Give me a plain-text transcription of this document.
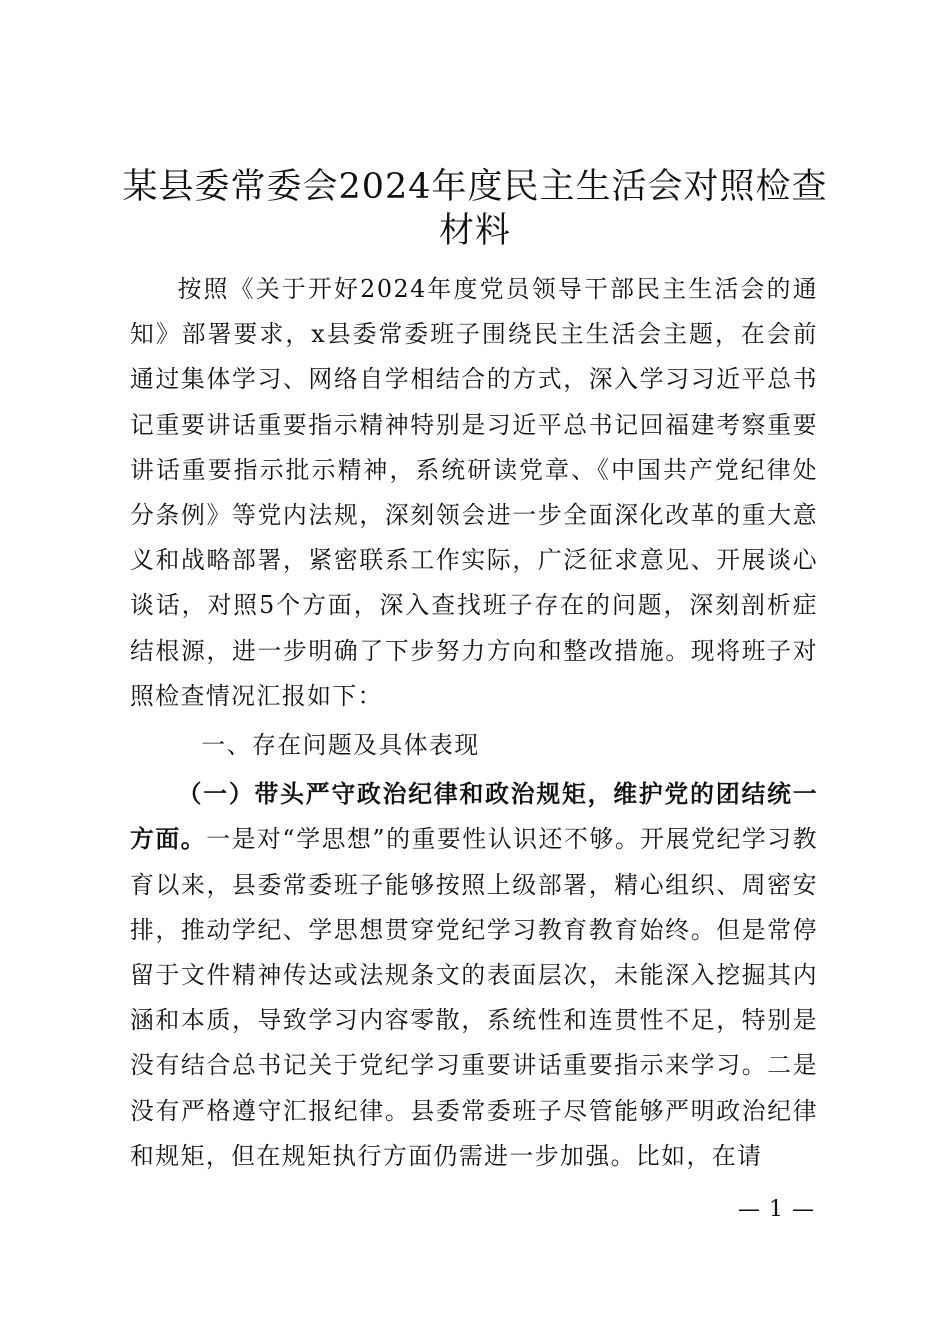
某县委常委会2024年度民主生活会对照检查
材料

按照《关于开好2024年度党员领导干部民主生活会的通知》部署要求，x县委常委班子围绕民主生活会主题，在会前通过集体学习、网络自学相结合的方式，深入学习习近平总书记重要讲话重要指示精神特别是习近平总书记回福建考察重要讲话重要指示批示精神，系统研读党章、《中国共产党纪律处分条例》等党内法规，深刻领会进一步全面深化改革的重大意义和战略部署，紧密联系工作实际，广泛征求意见、开展谈心谈话，对照5个方面，深入查找班子存在的问题，深刻剖析症结根源，进一步明确了下步努力方向和整改措施。现将班子对照检查情况汇报如下：

一、存在问题及具体表现

（一）带头严守政治纪律和政治规矩，维护党的团结统一方面。一是对“学思想”的重要性认识还不够。开展党纪学习教育以来，县委常委班子能够按照上级部署，精心组织、周密安排，推动学纪、学思想贯穿党纪学习教育教育始终。但是常停留于文件精神传达或法规条文的表面层次，未能深入挖掘其内涵和本质，导致学习内容零散，系统性和连贯性不足，特别是没有结合总书记关于党纪学习重要讲话重要指示来学习。二是没有严格遵守汇报纪律。县委常委班子尽管能够严明政治纪律和规矩，但在规矩执行方面仍需进一步加强。比如，在请

— 1 —
